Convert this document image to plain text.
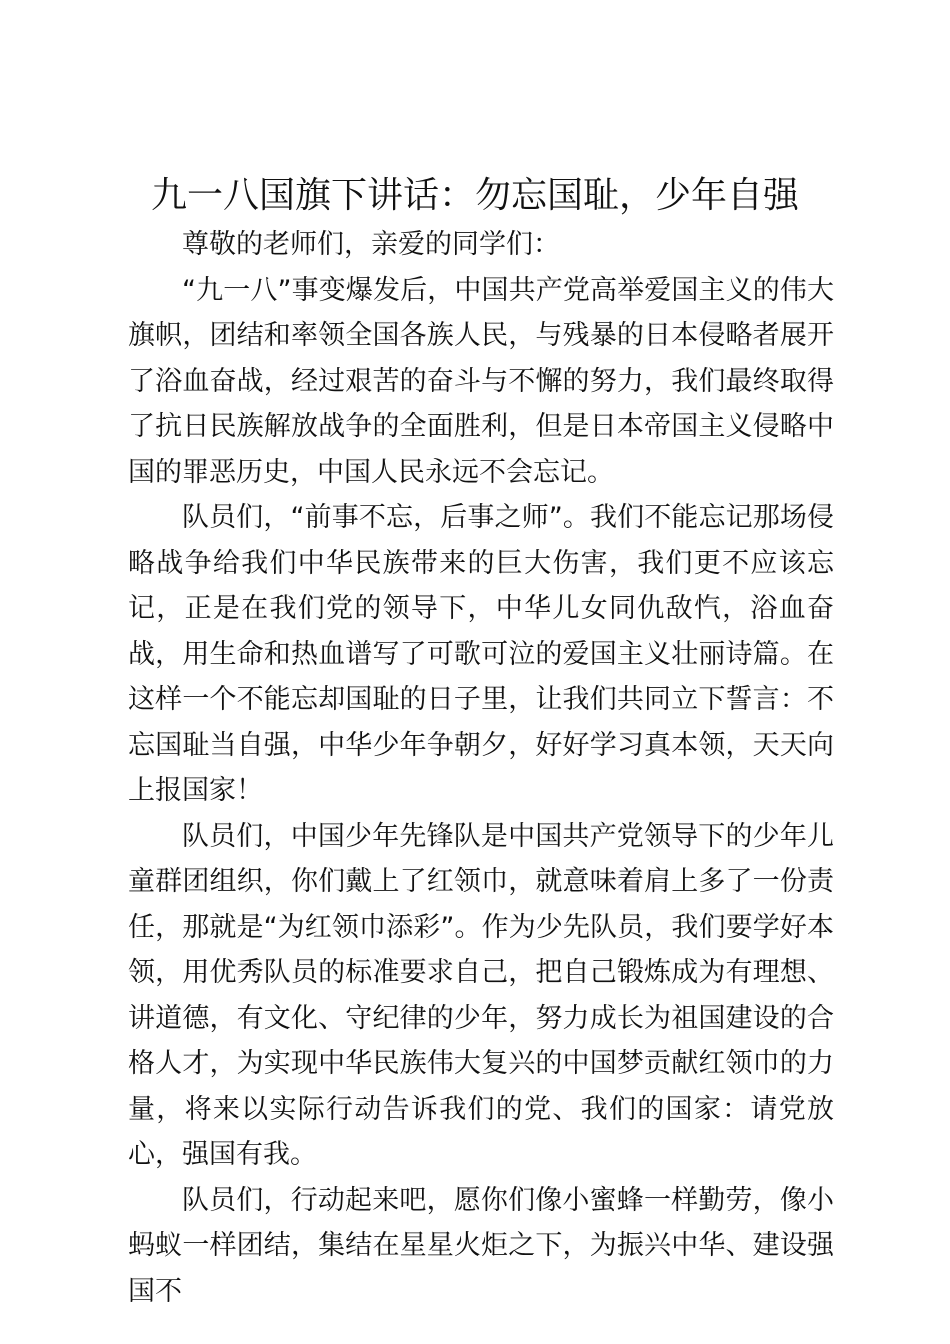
九一八国旗下讲话：勿忘国耻，少年自强

尊敬的老师们，亲爱的同学们：

“九一八”事变爆发后，中国共产党高举爱国主义的伟大旗帜，团结和率领全国各族人民，与残暴的日本侵略者展开了浴血奋战，经过艰苦的奋斗与不懈的努力，我们最终取得了抗日民族解放战争的全面胜利，但是日本帝国主义侵略中国的罪恶历史，中国人民永远不会忘记。

队员们，“前事不忘，后事之师”。我们不能忘记那场侵略战争给我们中华民族带来的巨大伤害，我们更不应该忘记，正是在我们党的领导下，中华儿女同仇敌忾，浴血奋战，用生命和热血谱写了可歌可泣的爱国主义壮丽诗篇。在这样一个不能忘却国耻的日子里，让我们共同立下誓言：不忘国耻当自强，中华少年争朝夕，好好学习真本领，天天向上报国家！

队员们，中国少年先锋队是中国共产党领导下的少年儿童群团组织，你们戴上了红领巾，就意味着肩上多了一份责任，那就是“为红领巾添彩”。作为少先队员，我们要学好本领，用优秀队员的标准要求自己，把自己锻炼成为有理想、讲道德，有文化、守纪律的少年，努力成长为祖国建设的合格人才，为实现中华民族伟大复兴的中国梦贡献红领巾的力量，将来以实际行动告诉我们的党、我们的国家：请党放心，强国有我。

队员们，行动起来吧，愿你们像小蜜蜂一样勤劳，像小蚂蚁一样团结，集结在星星火炬之下，为振兴中华、建设强国不
